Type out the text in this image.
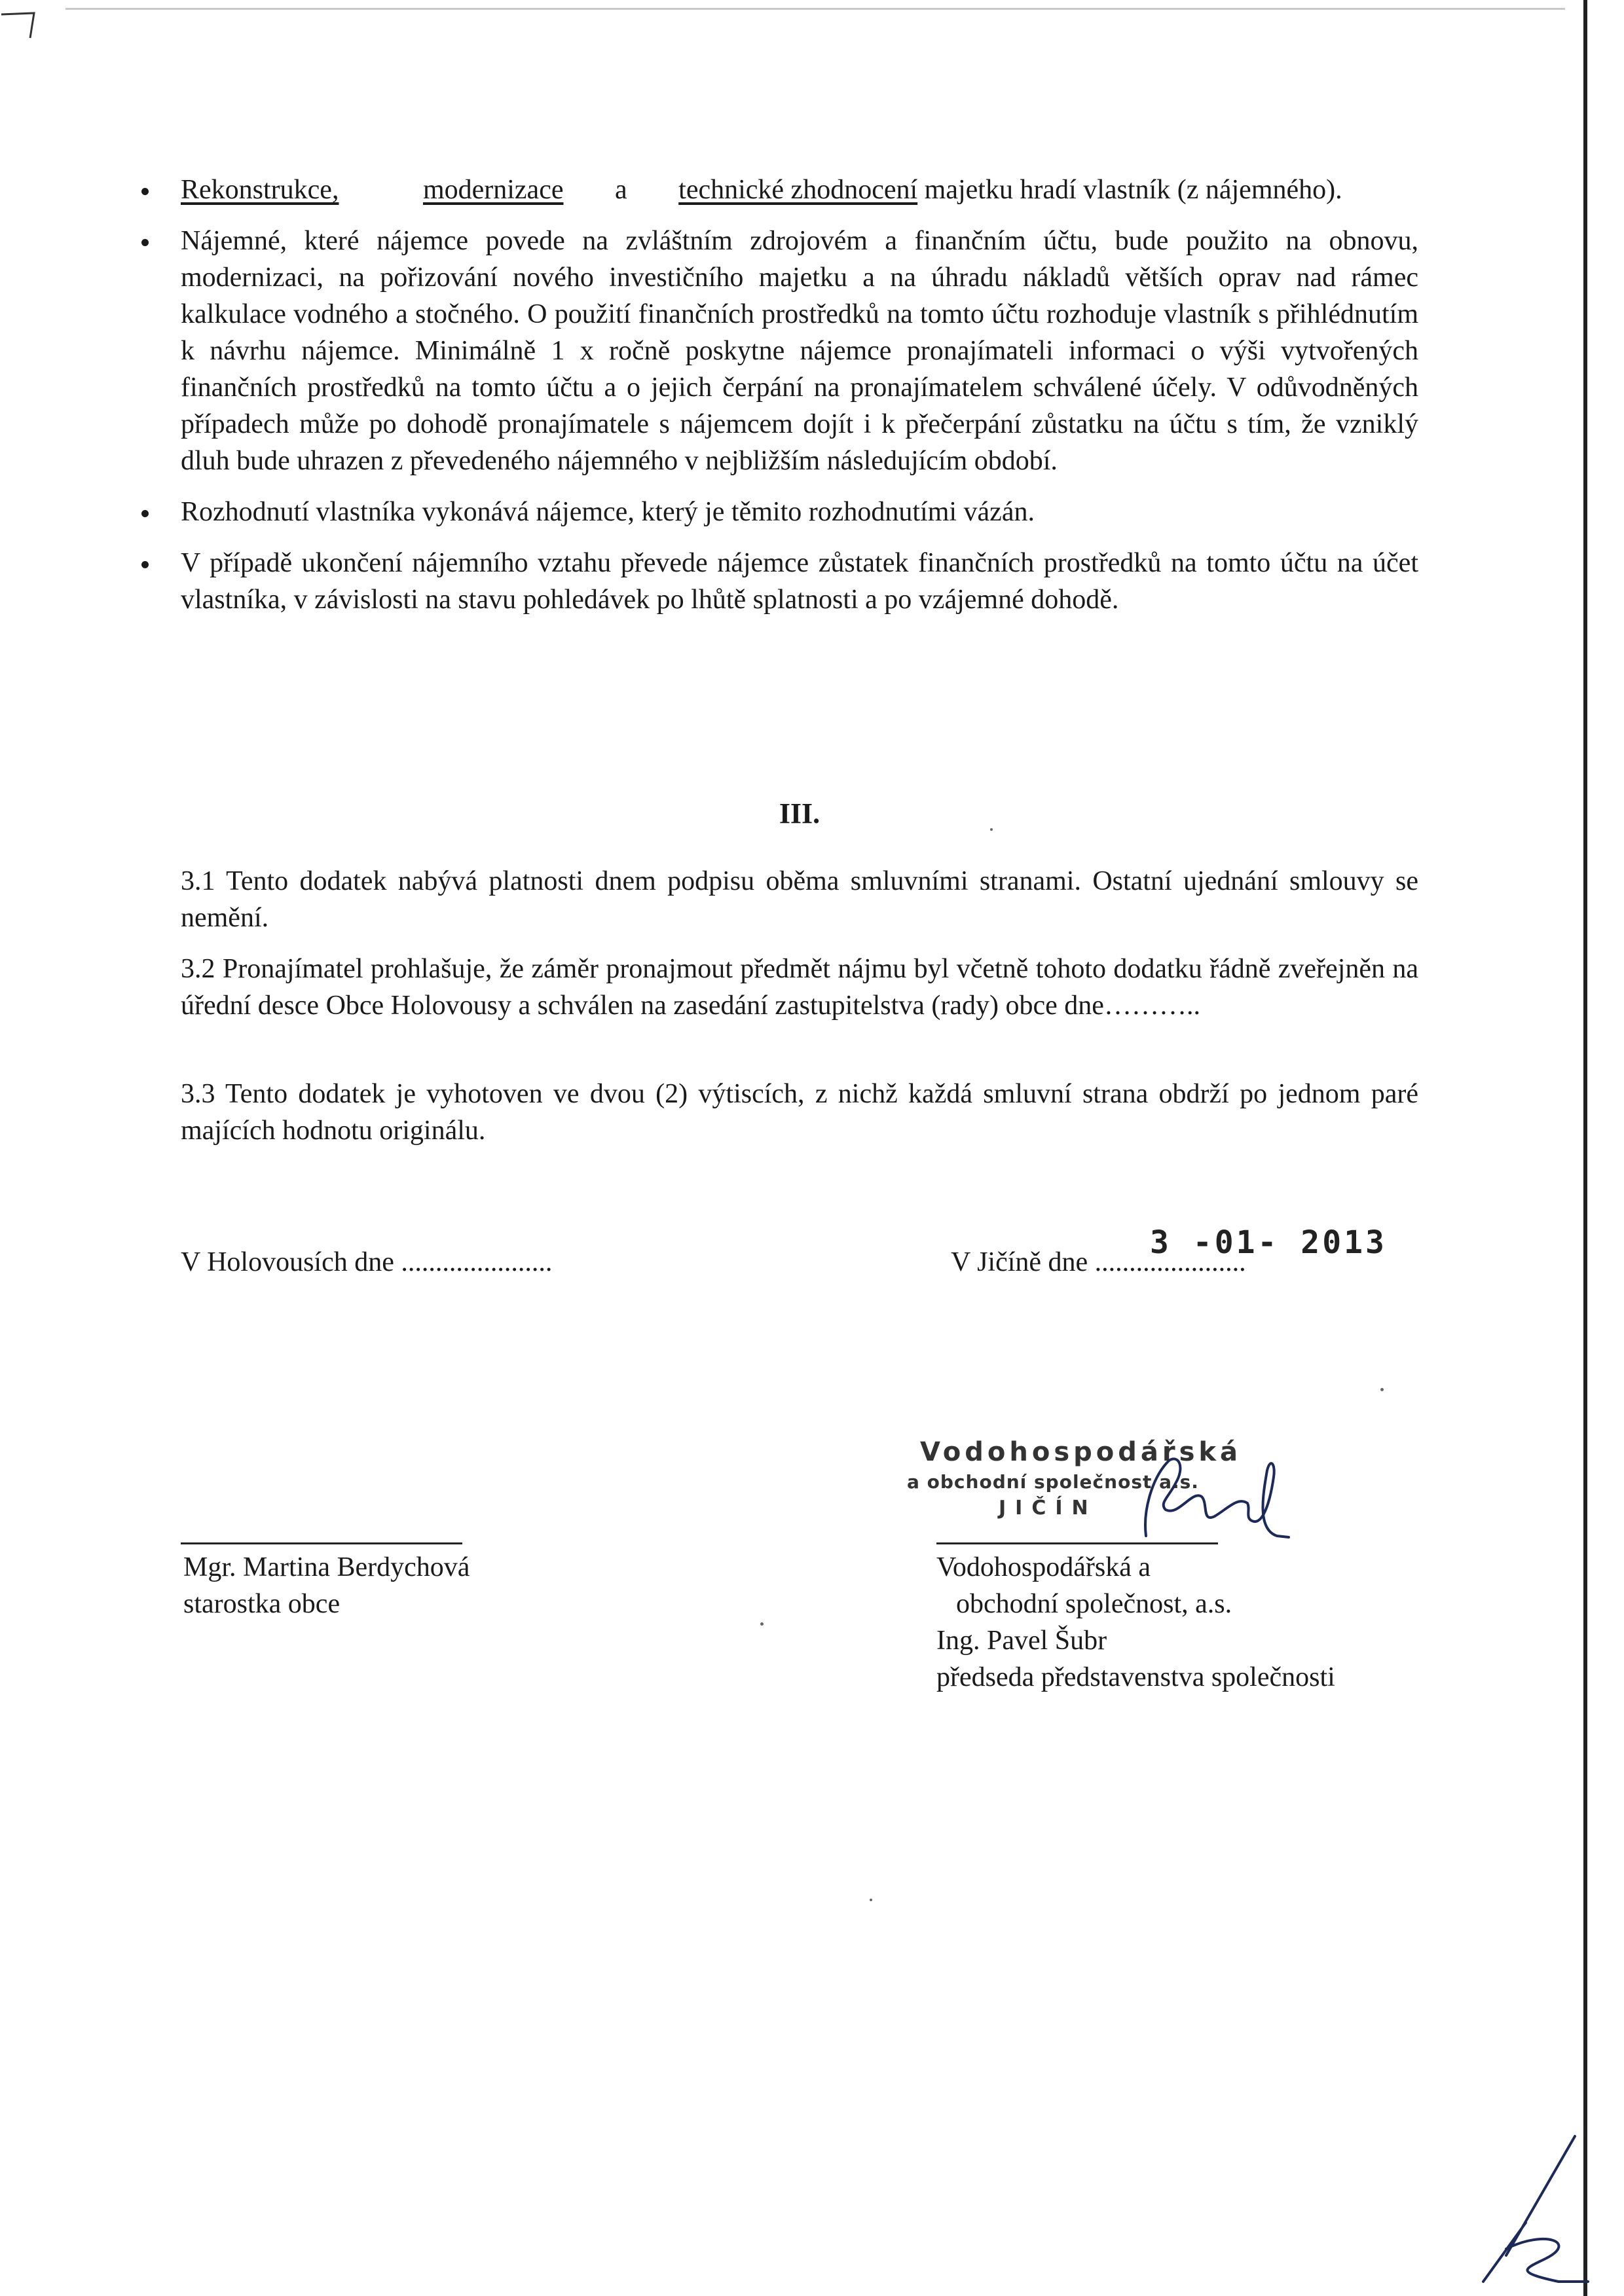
Rekonstrukce,	modernizace a technické zhodnocení majetku hradí vlastník (z nájemného).
Nájemné, které nájemce povede na zvláštním zdrojovém a finančním účtu, bude použito na obnovu, modernizaci, na pořizování nového investičního majetku a na úhradu nákladů větších oprav nad rámec kalkulace vodného a stočného. O použití finančních prostředků na tomto účtu rozhoduje vlastník s přihlédnutím k návrhu nájemce. Minimálně 1 x ročně poskytne nájemce pronajímateli informaci o výši vytvořených finančních prostředků na tomto účtu a o jejich čerpání na pronajímatelem schválené účely. V odůvodněných případech může po dohodě pronajímatele s nájemcem dojít i k přečerpání zůstatku na účtu s tím, že vzniklý dluh bude uhrazen z převedeného nájemného v nejbližším následujícím období.
Rozhodnutí vlastníka vykonává nájemce, který je těmito rozhodnutími vázán.
V případě ukončení nájemního vztahu převede nájemce zůstatek finančních prostředků na tomto účtu na účet vlastníka, v závislosti na stavu pohledávek po lhůtě splatnosti a po vzájemné dohodě.
III.

3.1 Tento dodatek nabývá platnosti dnem podpisu oběma smluvními stranami. Ostatní ujednání smlouvy se nemění.

3.2 Pronajímatel prohlašuje, že záměr pronajmout předmět nájmu byl včetně tohoto dodatku řádně zveřejněn na úřední desce Obce Holovousy a schválen na zasedání zastupitelstva (rady) obce dne………..

3.3 Tento dodatek je vyhotoven ve dvou (2) výtiscích, z nichž každá smluvní strana obdrží po jednom paré majících hodnotu originálu.

V Holovousích dne ......................	V Jičíně dne ......................
3 -01- 2013
Vodohospodářská
a obchodní společnost a.s.
JIČÍN
Mgr. Martina Berdychová
starostka obce
Vodohospodářská a
obchodní společnost, a.s.
Ing. Pavel Šubr
předseda představenstva společnosti
